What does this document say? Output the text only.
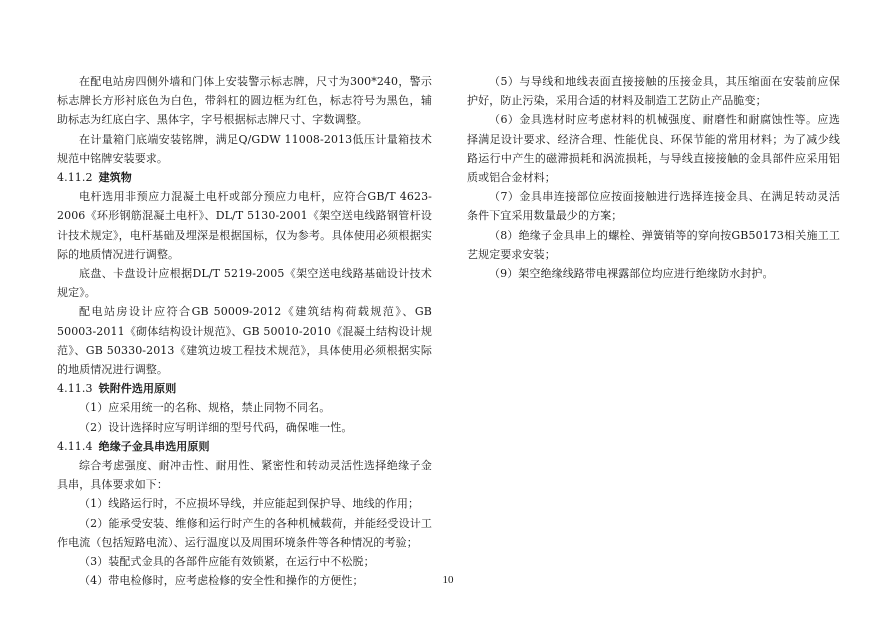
在配电站房四侧外墙和门体上安装警示标志牌，尺寸为300*240，警示标志牌长方形衬底色为白色，带斜杠的圆边框为红色，标志符号为黑色，辅助标志为红底白字、黑体字，字号根据标志牌尺寸、字数调整。

在计量箱门底端安装铭牌，满足Q/GDW 11008-2013低压计量箱技术规范中铭牌安装要求。

4.11.2 建筑物

电杆选用非预应力混凝土电杆或部分预应力电杆，应符合GB/T 4623-2006《环形钢筋混凝土电杆》、DL/T 5130-2001《架空送电线路钢管杆设计技术规定》，电杆基础及埋深是根据国标，仅为参考。具体使用必须根据实际的地质情况进行调整。

底盘、卡盘设计应根据DL/T 5219-2005《架空送电线路基础设计技术规定》。

配电站房设计应符合GB 50009-2012《建筑结构荷载规范》、GB 50003-2011《砌体结构设计规范》、GB 50010-2010《混凝土结构设计规范》、GB 50330-2013《建筑边坡工程技术规范》，具体使用必须根据实际的地质情况进行调整。

4.11.3 铁附件选用原则

（1）应采用统一的名称、规格，禁止同物不同名。

（2）设计选择时应写明详细的型号代码，确保唯一性。

4.11.4 绝缘子金具串选用原则

综合考虑强度、耐冲击性、耐用性、紧密性和转动灵活性选择绝缘子金具串，具体要求如下：

（1）线路运行时，不应损坏导线，并应能起到保护导、地线的作用；

（2）能承受安装、维修和运行时产生的各种机械载荷，并能经受设计工作电流（包括短路电流）、运行温度以及周围环境条件等各种情况的考验；

（3）装配式金具的各部件应能有效锁紧，在运行中不松脱；

（4）带电检修时，应考虑检修的安全性和操作的方便性；

（5）与导线和地线表面直接接触的压接金具，其压缩面在安装前应保护好，防止污染，采用合适的材料及制造工艺防止产品脆变；

（6）金具选材时应考虑材料的机械强度、耐磨性和耐腐蚀性等。应选择满足设计要求、经济合理、性能优良、环保节能的常用材料；为了减少线路运行中产生的磁滞损耗和涡流损耗，与导线直接接触的金具部件应采用铝质或铝合金材料；

（7）金具串连接部位应按面接触进行选择连接金具、在满足转动灵活条件下宜采用数量最少的方案；

（8）绝缘子金具串上的螺栓、弹簧销等的穿向按GB50173相关施工工艺规定要求安装；

（9）架空绝缘线路带电裸露部位均应进行绝缘防水封护。

10
